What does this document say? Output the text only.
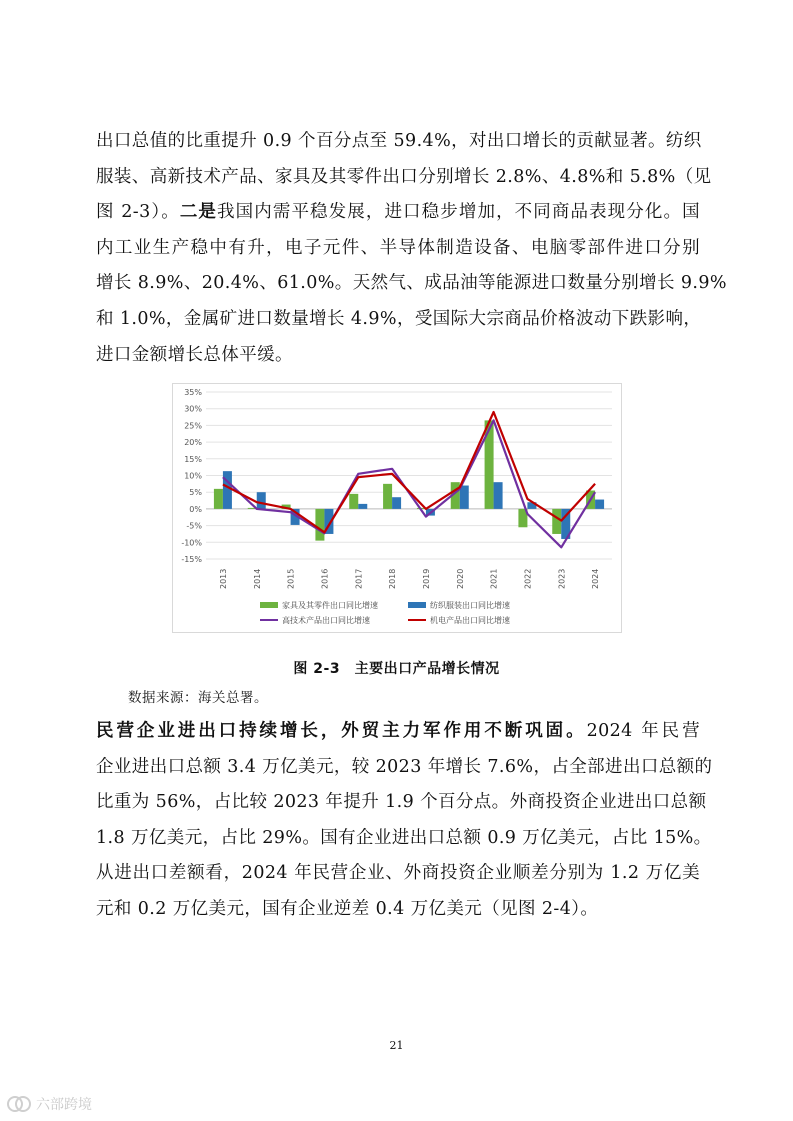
出口总值的比重提升 0.9 个百分点至 59.4%，对出口增长的贡献显著。纺织
服装、高新技术产品、家具及其零件出口分别增长 2.8%、4.8%和 5.8%（见
图 2-3）。二是我国内需平稳发展，进口稳步增加，不同商品表现分化。国
内工业生产稳中有升，电子元件、半导体制造设备、电脑零部件进口分别
增长 8.9%、20.4%、61.0%。天然气、成品油等能源进口数量分别增长 9.9%
和 1.0%，金属矿进口数量增长 4.9%，受国际大宗商品价格波动下跌影响，
进口金额增长总体平缓。
35%
30%
25%
20%
15%
10%
5%
0%
-5%
-10%
-15%
2013	2014	2015	2016	2017	2018	2019	2020	2021	2022	2023	2024
家具及其零件出口同比增速	纺织服装出口同比增速
高技术产品出口同比增速	机电产品出口同比增速
图 2-3　主要出口产品增长情况
数据来源：海关总署。
民营企业进出口持续增长，外贸主力军作用不断巩固。2024 年民营
企业进出口总额 3.4 万亿美元，较 2023 年增长 7.6%，占全部进出口总额的
比重为 56%，占比较 2023 年提升 1.9 个百分点。外商投资企业进出口总额
1.8 万亿美元，占比 29%。国有企业进出口总额 0.9 万亿美元，占比 15%。
从进出口差额看，2024 年民营企业、外商投资企业顺差分别为 1.2 万亿美
元和 0.2 万亿美元，国有企业逆差 0.4 万亿美元（见图 2-4）。
21
六部跨境
